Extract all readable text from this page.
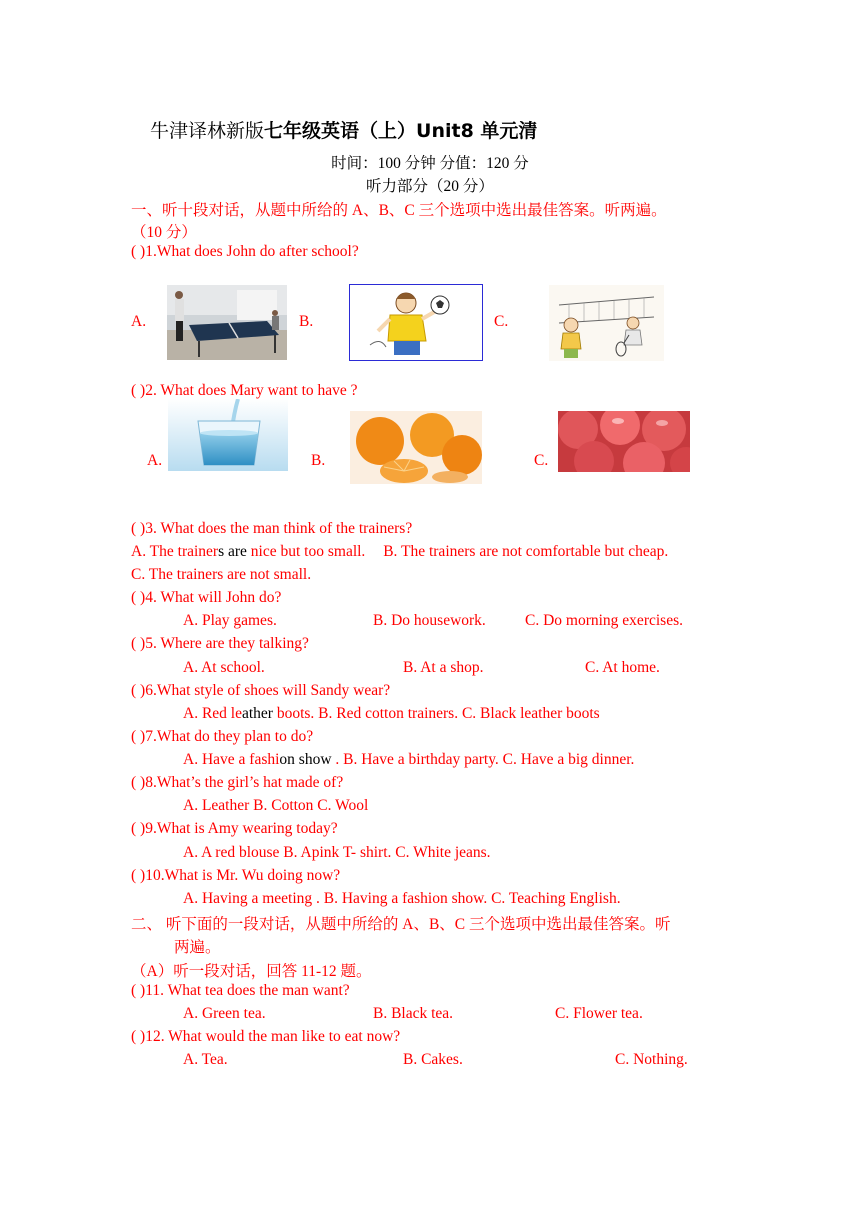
牛津译林新版七年级英语（上）Unit8 单元清
时间：100 分钟 分值：120 分
听力部分（20 分）
一、听十段对话，从题中所给的 A、B、C 三个选项中选出最佳答案。听两遍。
（10 分）
( )1.What does John do after school?
A.	B.	C.
( )2. What does Mary want to have ?
A.	B.	C.
( )3. What does the man think of the trainers?
A. The trainers are nice but too small. B. The trainers are not comfortable but cheap.
C. The trainers are not small.
( )4. What will John do?
A. Play games.	B. Do housework.	C. Do morning exercises.
( )5. Where are they talking?
A. At school.	B. At a shop.	C. At home.
( )6.What style of shoes will Sandy wear?
A. Red leather boots. B. Red cotton trainers. C. Black leather boots
( )7.What do they plan to do?
A. Have a fashion show . B. Have a birthday party. C. Have a big dinner.
( )8.What’s the girl’s hat made of?
A. Leather B. Cotton C. Wool
( )9.What is Amy wearing today?
A. A red blouse B. Apink T- shirt. C. White jeans.
( )10.What is Mr. Wu doing now?
A. Having a meeting . B. Having a fashion show. C. Teaching English.
二、 听下面的一段对话，从题中所给的 A、B、C 三个选项中选出最佳答案。听
两遍。
（A）听一段对话，回答 11-12 题。
( )11. What tea does the man want?
A. Green tea.	B. Black tea.	C. Flower tea.
( )12. What would the man like to eat now?
A. Tea.	B. Cakes.	C. Nothing.
